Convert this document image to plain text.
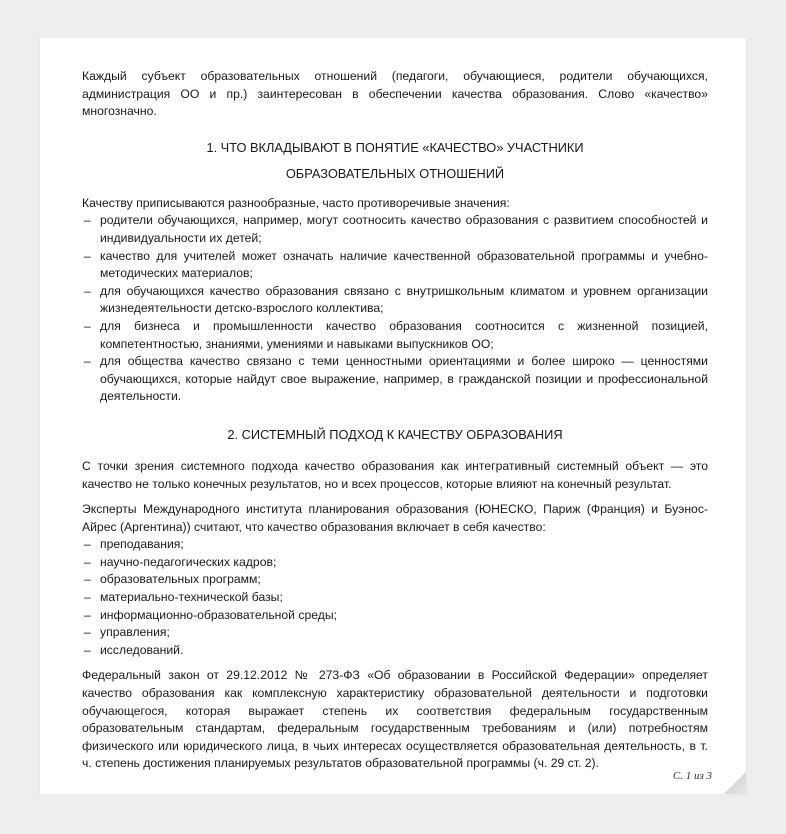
Каждый субъект образовательных отношений (педагоги, обучающиеся, родители обучающихся, администрация ОО и пр.) заинтересован в обеспечении качества образования. Слово «качество» многозначно.

1. ЧТО ВКЛАДЫВАЮТ В ПОНЯТИЕ «КАЧЕСТВО» УЧАСТНИКИ
ОБРАЗОВАТЕЛЬНЫХ ОТНОШЕНИЙ

Качеству приписываются разнообразные, часто противоречивые значения:

– родители обучающихся, например, могут соотносить качество образования с развитием способностей и индивидуальности их детей;
– качество для учителей может означать наличие качественной образовательной программы и учебно-методических материалов;
– для обучающихся качество образования связано с внутришкольным климатом и уровнем организации жизнедеятельности детско-взрослого коллектива;
– для бизнеса и промышленности качество образования соотносится с жизненной позицией, компетентностью, знаниями, умениями и навыками выпускников ОО;
– для общества качество связано с теми ценностными ориентациями и более широко — ценностями обучающихся, которые найдут свое выражение, например, в гражданской позиции и профессиональной деятельности.
2. СИСТЕМНЫЙ ПОДХОД К КАЧЕСТВУ ОБРАЗОВАНИЯ

С точки зрения системного подхода качество образования как интегративный системный объект — это качество не только конечных результатов, но и всех процессов, которые влияют на конечный результат.

Эксперты Международного института планирования образования (ЮНЕСКО, Париж (Франция) и Буэнос-Айрес (Аргентина)) считают, что качество образования включает в себя качество:

– преподавания;
– научно-педагогических кадров;
– образовательных программ;
– материально-технической базы;
– информационно-образовательной среды;
– управления;
– исследований.

Федеральный закон от 29.12.2012 № 273-ФЗ «Об образовании в Российской Федерации» определяет качество образования как комплексную характеристику образовательной деятельности и подготовки обучающегося, которая выражает степень их соответствия федеральным государственным образовательным стандартам, федеральным государственным требованиям и (или) потребностям физического или юридического лица, в чьих интересах осуществляется образовательная деятельность, в т. ч. степень достижения планируемых результатов образовательной программы (ч. 29 ст. 2).

С. 1 из 3
